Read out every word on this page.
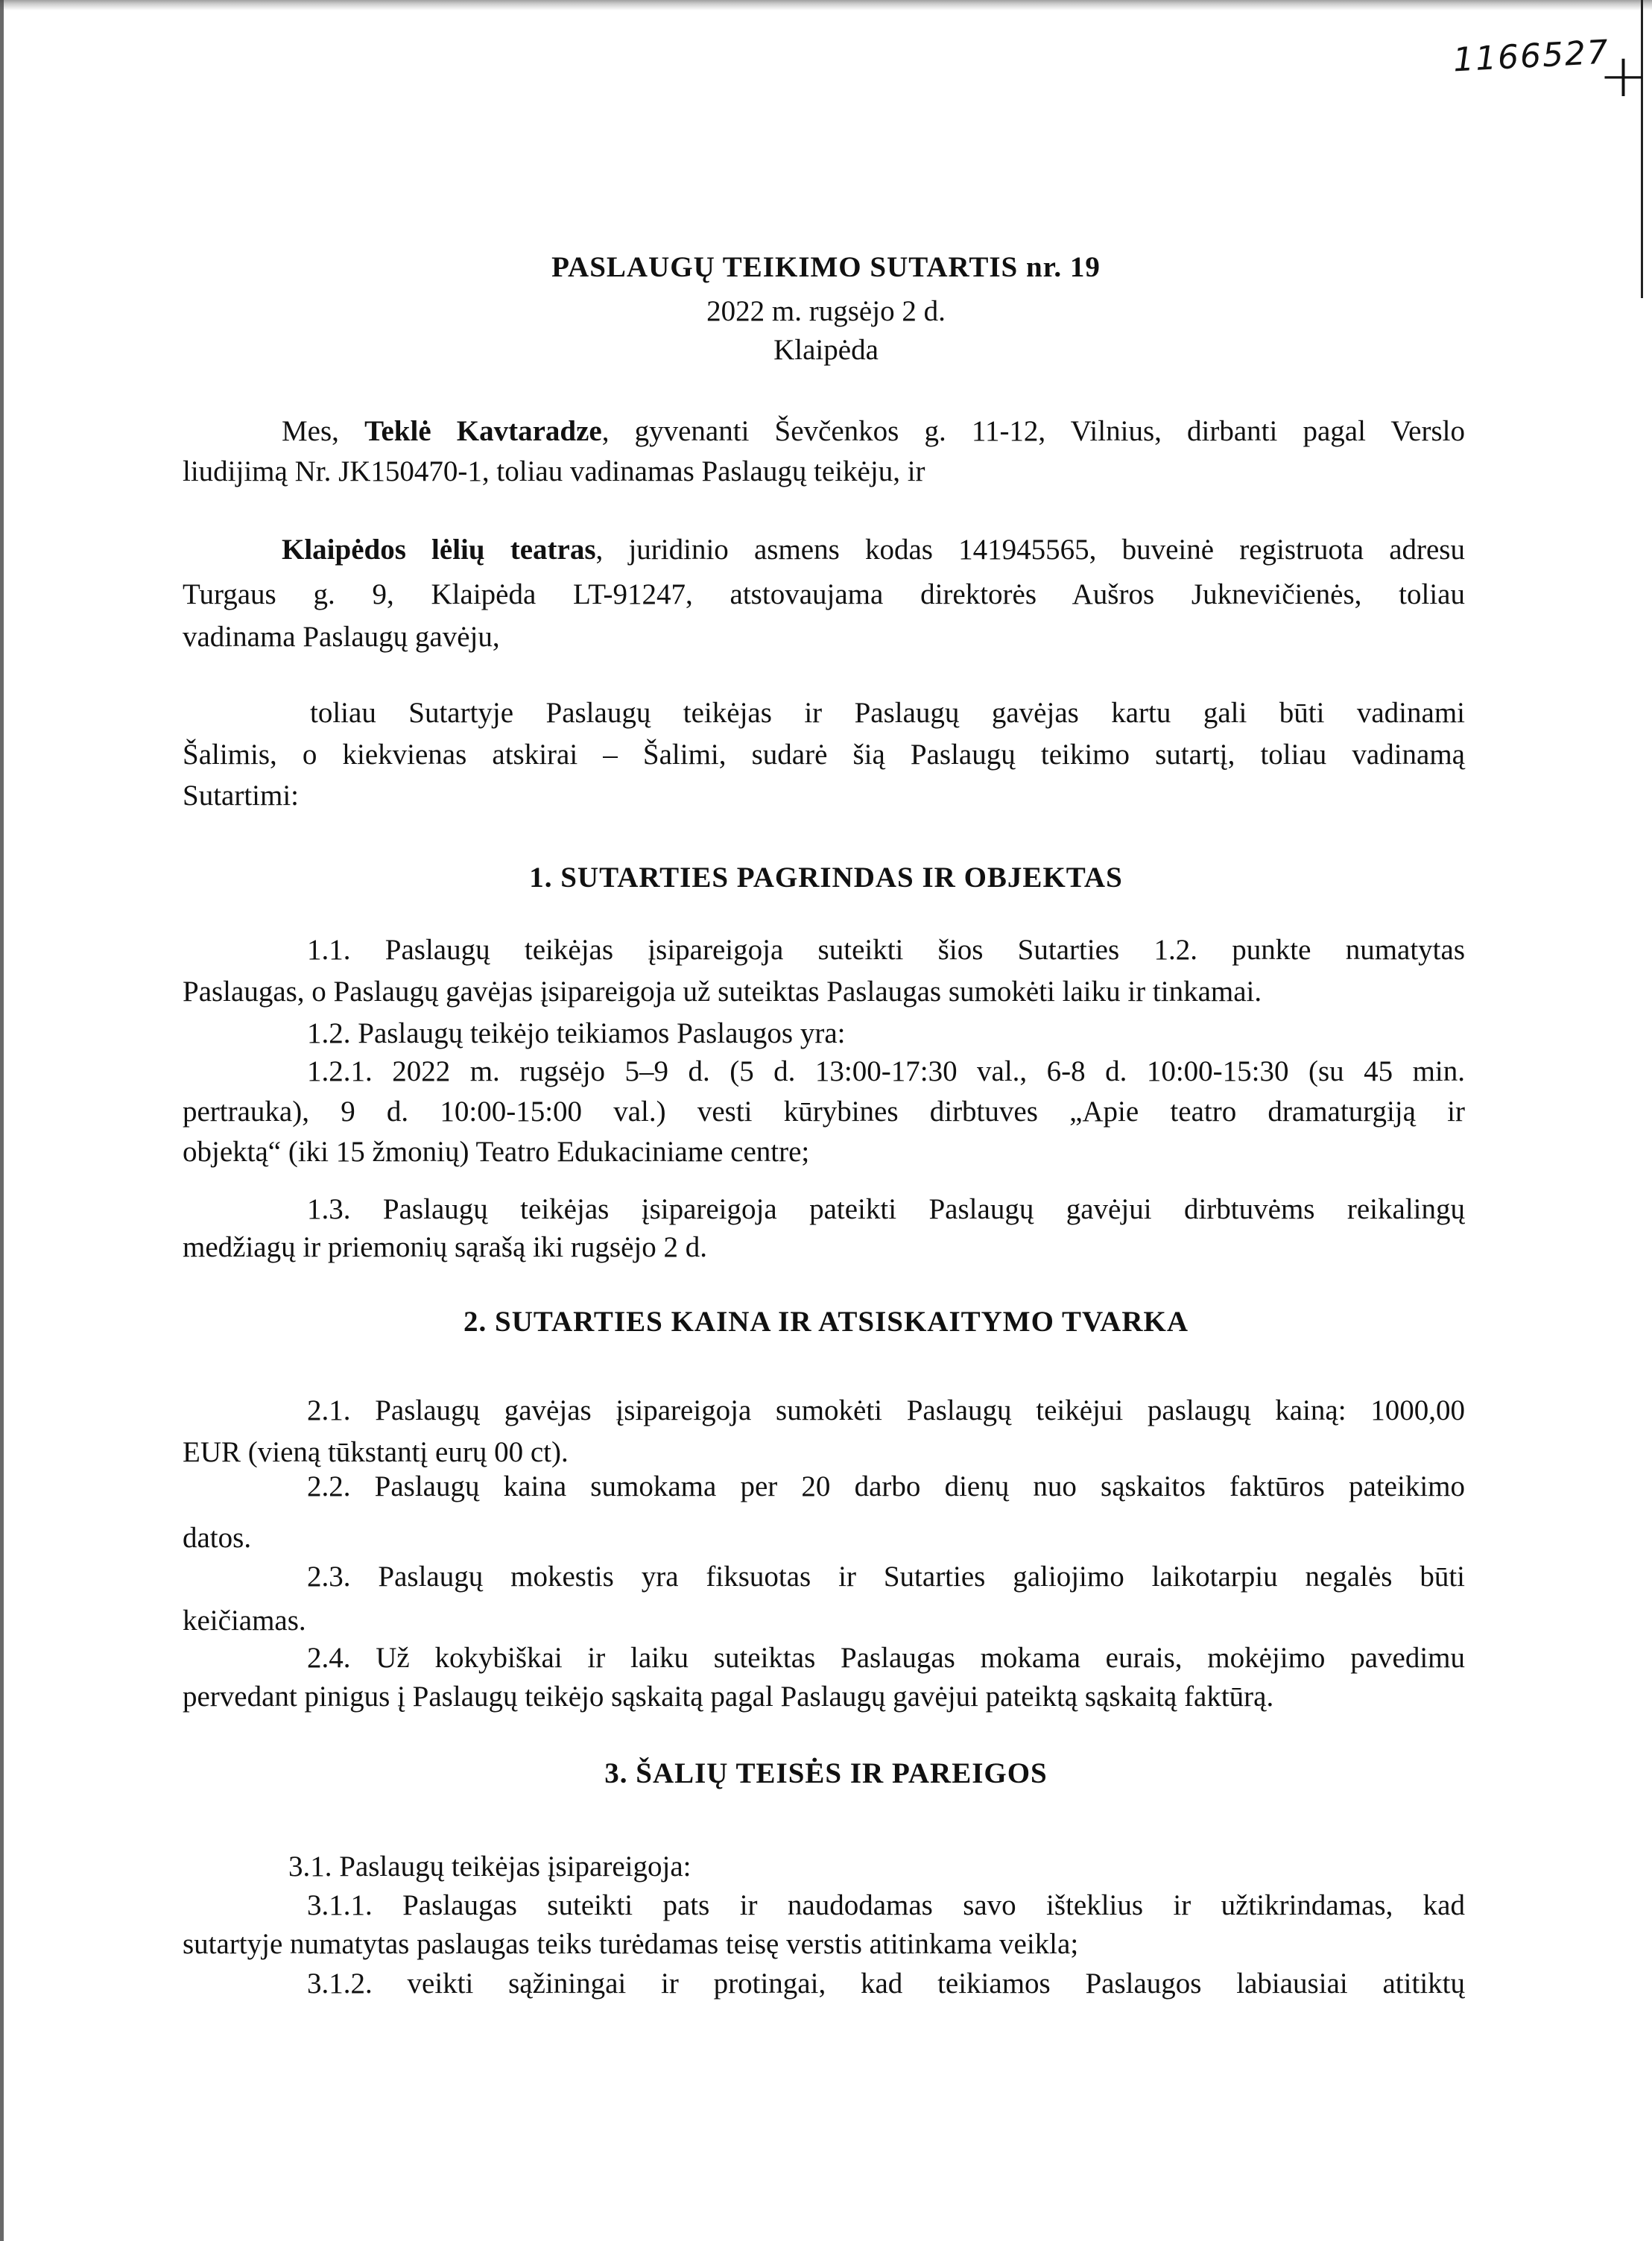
1166527
+
PASLAUGŲ TEIKIMO SUTARTIS nr. 19
2022 m. rugsėjo 2 d.
Klaipėda
Mes, Teklė Kavtaradze, gyvenanti Ševčenkos g. 11-12, Vilnius, dirbanti pagal Verslo
liudijimą Nr. JK150470-1, toliau vadinamas Paslaugų teikėju, ir
Klaipėdos lėlių teatras, juridinio asmens kodas 141945565, buveinė registruota adresu
Turgaus g. 9, Klaipėda LT-91247, atstovaujama direktorės Aušros Juknevičienės, toliau
vadinama Paslaugų gavėju,
toliau Sutartyje Paslaugų teikėjas ir Paslaugų gavėjas kartu gali būti vadinami
Šalimis, o kiekvienas atskirai – Šalimi, sudarė šią Paslaugų teikimo sutartį, toliau vadinamą
Sutartimi:
1. SUTARTIES PAGRINDAS IR OBJEKTAS
1.1. Paslaugų teikėjas įsipareigoja suteikti šios Sutarties 1.2. punkte numatytas
Paslaugas, o Paslaugų gavėjas įsipareigoja už suteiktas Paslaugas sumokėti laiku ir tinkamai.
1.2. Paslaugų teikėjo teikiamos Paslaugos yra:
1.2.1. 2022 m. rugsėjo 5–9 d. (5 d. 13:00-17:30 val., 6-8 d. 10:00-15:30 (su 45 min.
pertrauka), 9 d. 10:00-15:00 val.) vesti kūrybines dirbtuves „Apie teatro dramaturgiją ir
objektą“ (iki 15 žmonių) Teatro Edukaciniame centre;
1.3. Paslaugų teikėjas įsipareigoja pateikti Paslaugų gavėjui dirbtuvėms reikalingų
medžiagų ir priemonių sąrašą iki rugsėjo 2 d.
2. SUTARTIES KAINA IR ATSISKAITYMO TVARKA
2.1. Paslaugų gavėjas įsipareigoja sumokėti Paslaugų teikėjui paslaugų kainą: 1000,00
EUR (vieną tūkstantį eurų 00 ct).
2.2. Paslaugų kaina sumokama per 20 darbo dienų nuo sąskaitos faktūros pateikimo
datos.
2.3. Paslaugų mokestis yra fiksuotas ir Sutarties galiojimo laikotarpiu negalės būti
keičiamas.
2.4. Už kokybiškai ir laiku suteiktas Paslaugas mokama eurais, mokėjimo pavedimu
pervedant pinigus į Paslaugų teikėjo sąskaitą pagal Paslaugų gavėjui pateiktą sąskaitą faktūrą.
3. ŠALIŲ TEISĖS IR PAREIGOS
3.1. Paslaugų teikėjas įsipareigoja:
3.1.1. Paslaugas suteikti pats ir naudodamas savo išteklius ir užtikrindamas, kad
sutartyje numatytas paslaugas teiks turėdamas teisę verstis atitinkama veikla;
3.1.2. veikti sąžiningai ir protingai, kad teikiamos Paslaugos labiausiai atitiktų
